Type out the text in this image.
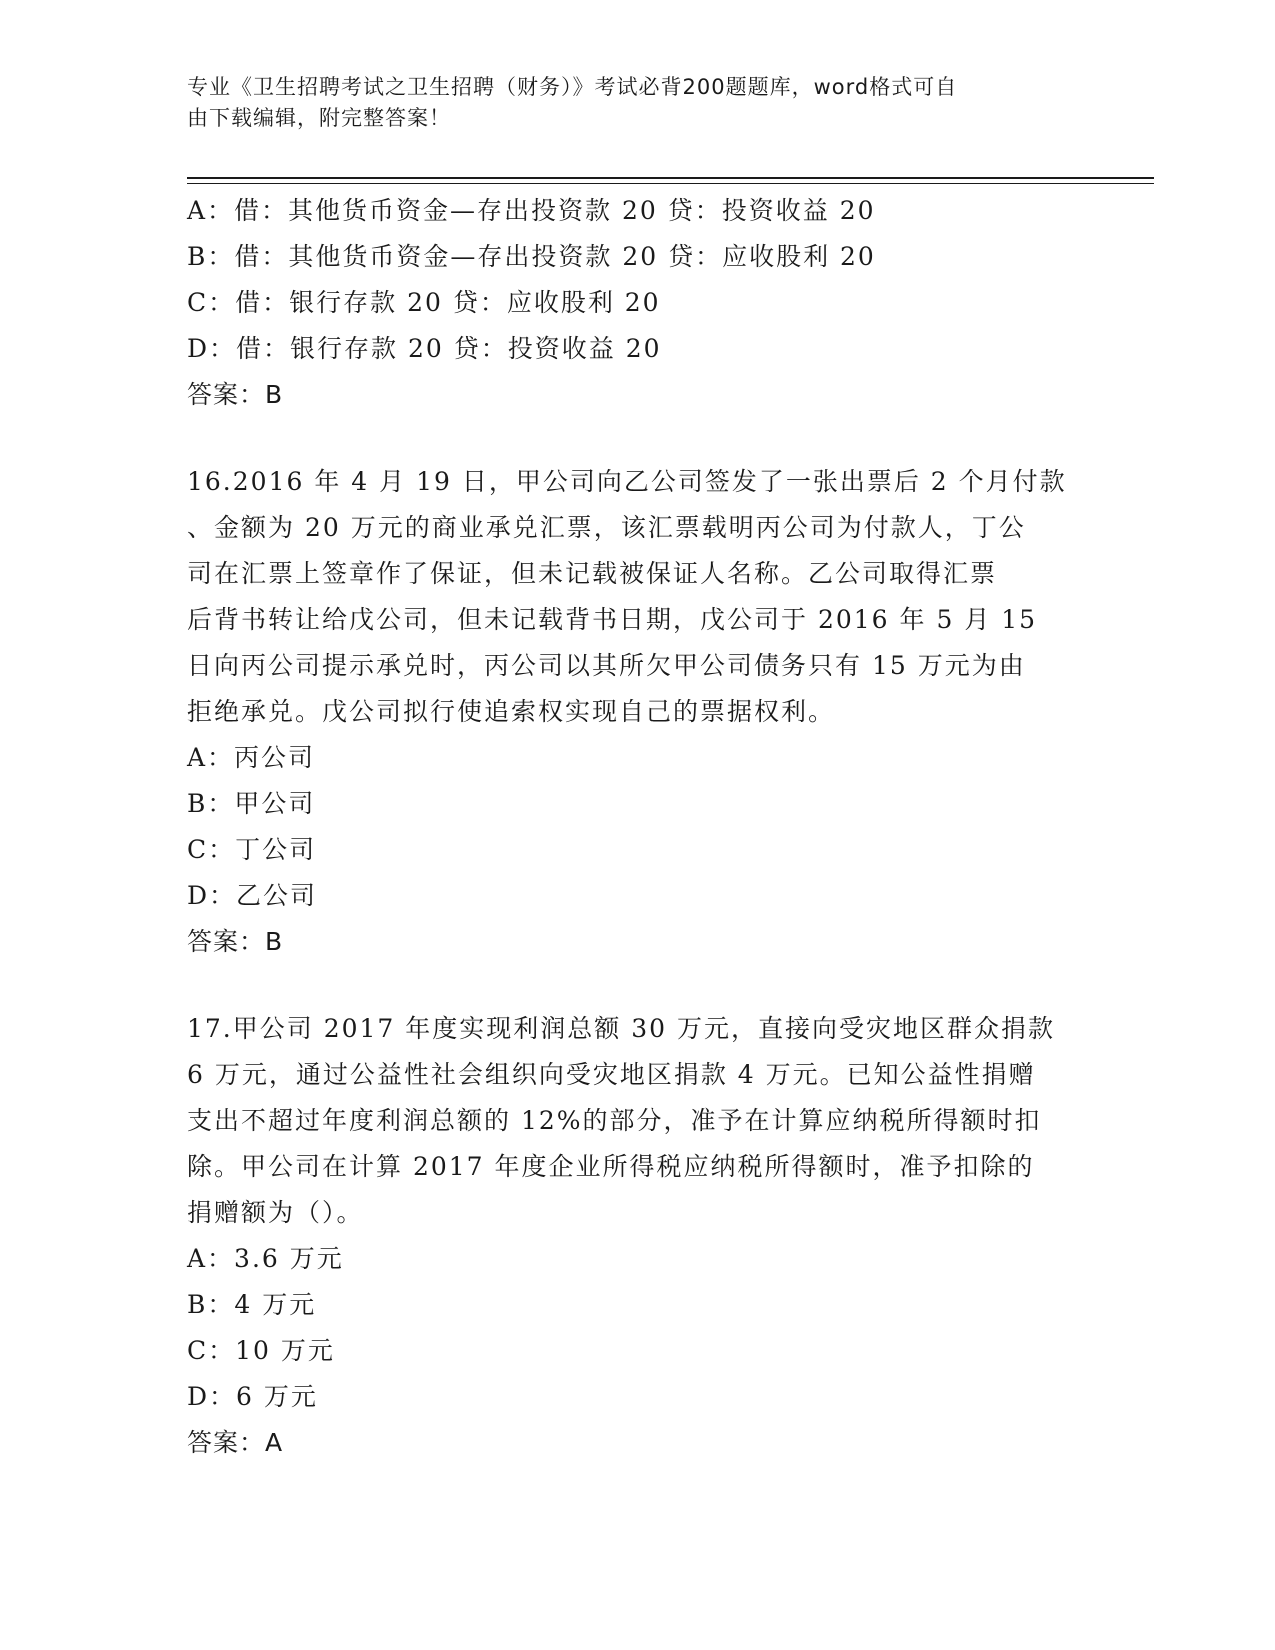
专业《卫生招聘考试之卫生招聘（财务）》考试必背200题题库，word格式可自
由下载编辑，附完整答案！
A：借：其他货币资金—存出投资款 20 贷：投资收益 20
B：借：其他货币资金—存出投资款 20 贷：应收股利 20
C：借：银行存款 20 贷：应收股利 20
D：借：银行存款 20 贷：投资收益 20
答案：B
16.2016 年 4 月 19 日，甲公司向乙公司签发了一张出票后 2 个月付款
、金额为 20 万元的商业承兑汇票，该汇票载明丙公司为付款人，丁公
司在汇票上签章作了保证，但未记载被保证人名称。乙公司取得汇票
后背书转让给戊公司，但未记载背书日期，戊公司于 2016 年 5 月 15
日向丙公司提示承兑时，丙公司以其所欠甲公司债务只有 15 万元为由
拒绝承兑。戊公司拟行使追索权实现自己的票据权利。
A：丙公司
B：甲公司
C：丁公司
D：乙公司
答案：B
17.甲公司 2017 年度实现利润总额 30 万元，直接向受灾地区群众捐款
6 万元，通过公益性社会组织向受灾地区捐款 4 万元。已知公益性捐赠
支出不超过年度利润总额的 12%的部分，准予在计算应纳税所得额时扣
除。甲公司在计算 2017 年度企业所得税应纳税所得额时，准予扣除的
捐赠额为（）。
A：3.6 万元
B：4 万元
C：10 万元
D：6 万元
答案：A
